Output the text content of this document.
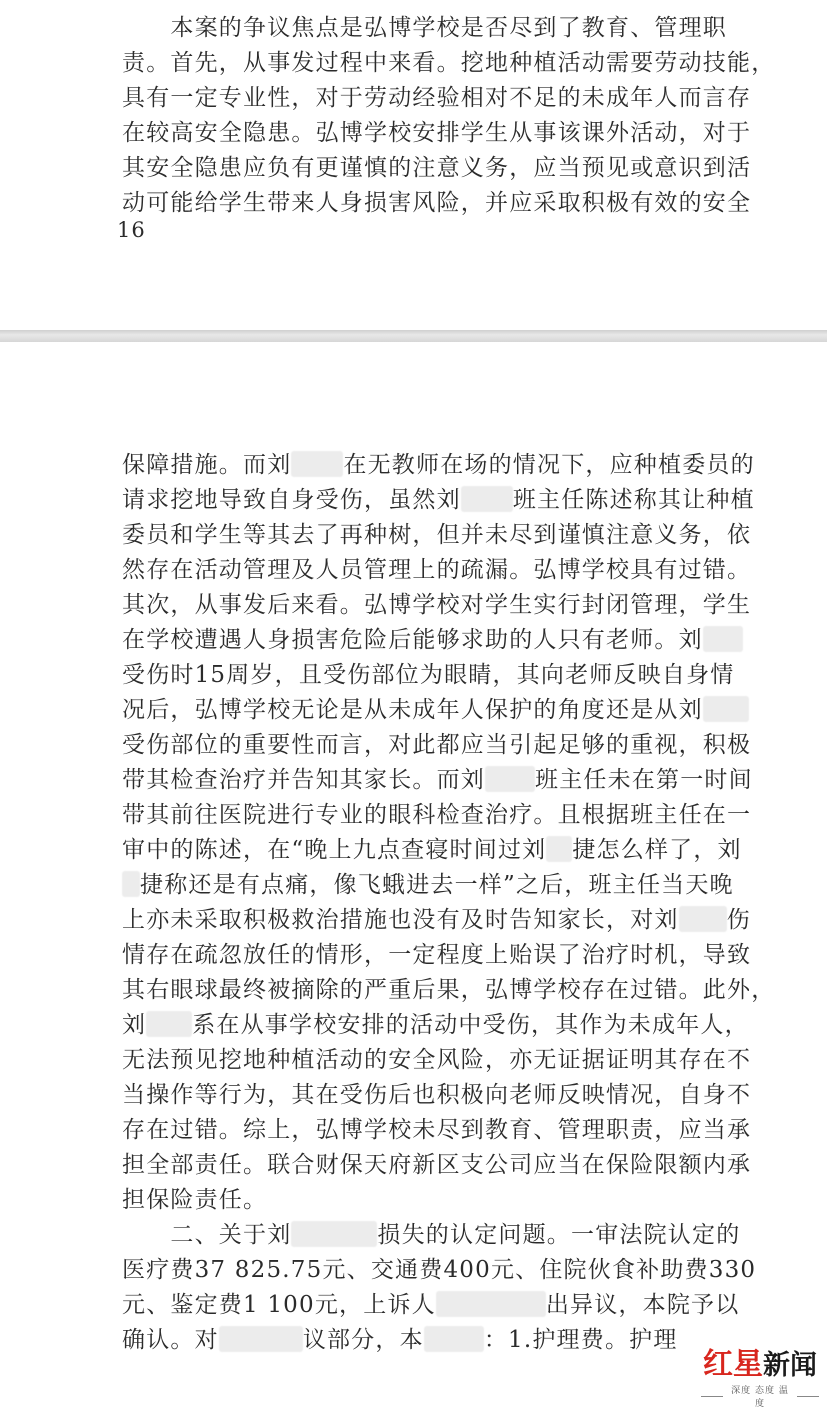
　　本案的争议焦点是弘博学校是否尽到了教育、管理职
责。首先，从事发过程中来看。挖地种植活动需要劳动技能，
具有一定专业性，对于劳动经验相对不足的未成年人而言存
在较高安全隐患。弘博学校安排学生从事该课外活动，对于
其安全隐患应负有更谨慎的注意义务，应当预见或意识到活
动可能给学生带来人身损害风险，并应采取积极有效的安全
16
保障措施。而刘 在无教师在场的情况下，应种植委员的
请求挖地导致自身受伤，虽然刘 班主任陈述称其让种植
委员和学生等其去了再种树，但并未尽到谨慎注意义务，依
然存在活动管理及人员管理上的疏漏。弘博学校具有过错。
其次，从事发后来看。弘博学校对学生实行封闭管理，学生
在学校遭遇人身损害危险后能够求助的人只有老师。刘
受伤时15周岁，且受伤部位为眼睛，其向老师反映自身情
况后，弘博学校无论是从未成年人保护的角度还是从刘
受伤部位的重要性而言，对此都应当引起足够的重视，积极
带其检查治疗并告知其家长。而刘 班主任未在第一时间
带其前往医院进行专业的眼科检查治疗。且根据班主任在一
审中的陈述，在“晚上九点查寝时间过刘 捷怎么样了，刘
捷称还是有点痛，像飞蛾进去一样”之后，班主任当天晚
上亦未采取积极救治措施也没有及时告知家长，对刘 伤
情存在疏忽放任的情形，一定程度上贻误了治疗时机，导致
其右眼球最终被摘除的严重后果，弘博学校存在过错。此外，
刘 系在从事学校安排的活动中受伤，其作为未成年人，
无法预见挖地种植活动的安全风险，亦无证据证明其存在不
当操作等行为，其在受伤后也积极向老师反映情况，自身不
存在过错。综上，弘博学校未尽到教育、管理职责，应当承
担全部责任。联合财保天府新区支公司应当在保险限额内承
担保险责任。
　　二、关于刘	损失的认定问题。一审法院认定的
医疗费37 825.75元、交通费400元、住院伙食补助费330
元、鉴定费1 100元，上诉人	出异议，本院予以
确认。对	议部分，本	：1.护理费。护理
红星新闻
深度 态度 温度
